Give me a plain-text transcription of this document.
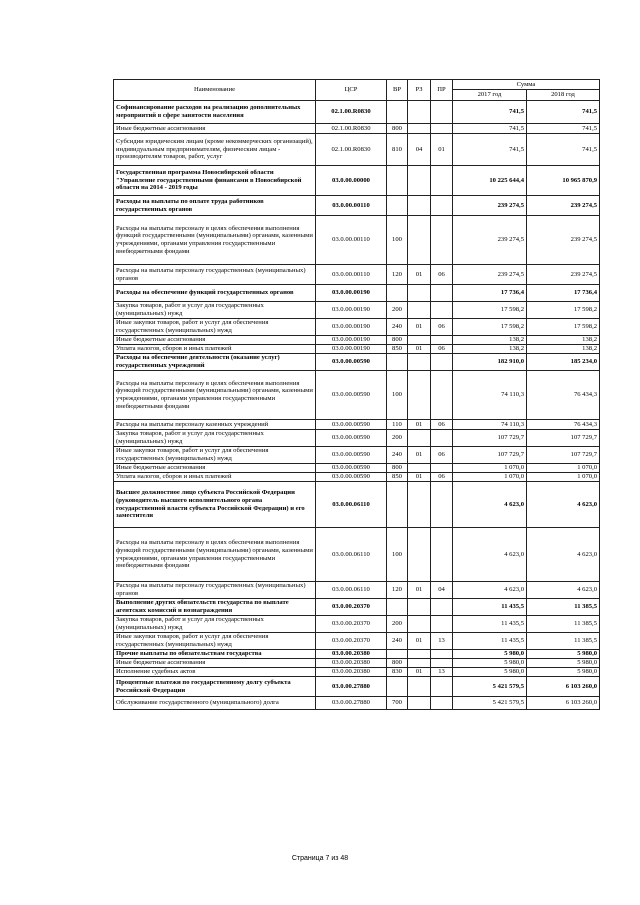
Наименование	ЦСР	ВР	РЗ	ПР	Сумма	
					2017 год	2018 год
Софинансирование расходов на реализацию дополнительных мероприятий в сфере занятости населения	02.1.00.R0830				741,5	741,5
Иные бюджетные ассигнования	02.1.00.R0830	800			741,5	741,5
Субсидии юридическим лицам (кроме некоммерческих организаций), индивидуальным предпринимателям, физическим лицам - производителям товаров, работ, услуг	02.1.00.R0830	810	04	01	741,5	741,5
Государственная программа Новосибирской области "Управление государственными финансами в Новосибирской области на 2014 - 2019 годы	03.0.00.00000				10 225 644,4	10 965 870,9
Расходы на выплаты по оплате труда работников государственных органов	03.0.00.00110				239 274,5	239 274,5
Расходы на выплаты персоналу в целях обеспечения выполнения функций государственными (муниципальными) органами, казенными учреждениями, органами управления государственными внебюджетными фондами	03.0.00.00110	100			239 274,5	239 274,5
Расходы на выплаты персоналу государственных (муниципальных) органов	03.0.00.00110	120	01	06	239 274,5	239 274,5
Расходы на обеспечение функций государственных органов	03.0.00.00190				17 736,4	17 736,4
Закупка товаров, работ и услуг для государственных (муниципальных) нужд	03.0.00.00190	200			17 598,2	17 598,2
Иные закупки товаров, работ и услуг для обеспечения государственных (муниципальных) нужд	03.0.00.00190	240	01	06	17 598,2	17 598,2
Иные бюджетные ассигнования	03.0.00.00190	800			138,2	138,2
Уплата налогов, сборов и иных платежей	03.0.00.00190	850	01	06	138,2	138,2
Расходы на обеспечение деятельности (оказание услуг) государственных учреждений	03.0.00.00590				182 910,0	185 234,0
Расходы на выплаты персоналу в целях обеспечения выполнения функций государственными (муниципальными) органами, казенными учреждениями, органами управления государственными внебюджетными фондами	03.0.00.00590	100			74 110,3	76 434,3
Расходы на выплаты персоналу казенных учреждений	03.0.00.00590	110	01	06	74 110,3	76 434,3
Закупка товаров, работ и услуг для государственных (муниципальных) нужд	03.0.00.00590	200			107 729,7	107 729,7
Иные закупки товаров, работ и услуг для обеспечения государственных (муниципальных) нужд	03.0.00.00590	240	01	06	107 729,7	107 729,7
Иные бюджетные ассигнования	03.0.00.00590	800			1 070,0	1 070,0
Уплата налогов, сборов и иных платежей	03.0.00.00590	850	01	06	1 070,0	1 070,0
Высшее должностное лицо субъекта Российской Федерации (руководитель высшего исполнительного органа государственной власти субъекта Российской Федерации) и его заместители	03.0.00.06110				4 623,0	4 623,0
Расходы на выплаты персоналу в целях обеспечения выполнения функций государственными (муниципальными) органами, казенными учреждениями, органами управления государственными внебюджетными фондами	03.0.00.06110	100			4 623,0	4 623,0
Расходы на выплаты персоналу государственных (муниципальных) органов	03.0.00.06110	120	01	04	4 623,0	4 623,0
Выполнение других обязательств государства по выплате агентских комиссий и вознаграждения	03.0.00.20370				11 435,5	11 385,5
Закупка товаров, работ и услуг для государственных (муниципальных) нужд	03.0.00.20370	200			11 435,5	11 385,5
Иные закупки товаров, работ и услуг для обеспечения государственных (муниципальных) нужд	03.0.00.20370	240	01	13	11 435,5	11 385,5
Прочие выплаты по обязательствам государства	03.0.00.20380				5 980,0	5 980,0
Иные бюджетные ассигнования	03.0.00.20380	800			5 980,0	5 980,0
Исполнение судебных актов	03.0.00.20380	830	01	13	5 980,0	5 980,0
Процентные платежи по государственному долгу субъекта Российской Федерации	03.0.00.27880				5 421 579,5	6 103 260,0
Обслуживание государственного (муниципального) долга	03.0.00.27880	700			5 421 579,5	6 103 260,0
Страница 7 из 48
